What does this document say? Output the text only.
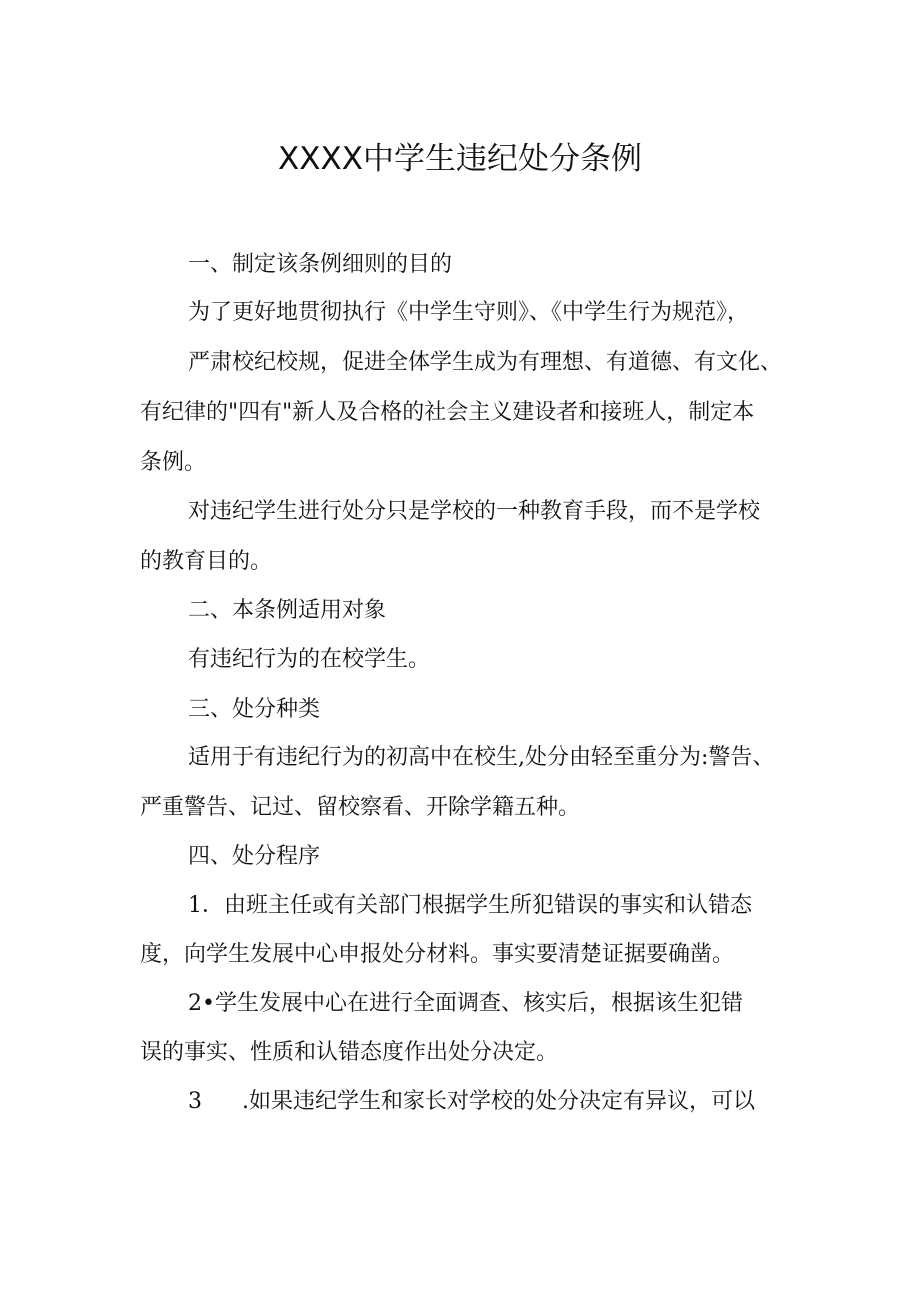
XXXX中学生违纪处分条例
一、制定该条例细则的目的
为了更好地贯彻执行《中学生守则》、《中学生行为规范》，
严肃校纪校规，促进全体学生成为有理想、有道德、有文化、
有纪律的"四有"新人及合格的社会主义建设者和接班人，制定本
条例。
对违纪学生进行处分只是学校的一种教育手段，而不是学校
的教育目的。
二、本条例适用对象
有违纪行为的在校学生。
三、处分种类
适用于有违纪行为的初高中在校生,处分由轻至重分为:警告、
严重警告、记过、留校察看、开除学籍五种。
四、处分程序
1．由班主任或有关部门根据学生所犯错误的事实和认错态
度，向学生发展中心申报处分材料。事实要清楚证据要确凿。
2•学生发展中心在进行全面调查、核实后，根据该生犯错
误的事实、性质和认错态度作出处分决定。
3 .如果违纪学生和家长对学校的处分决定有异议，可以
